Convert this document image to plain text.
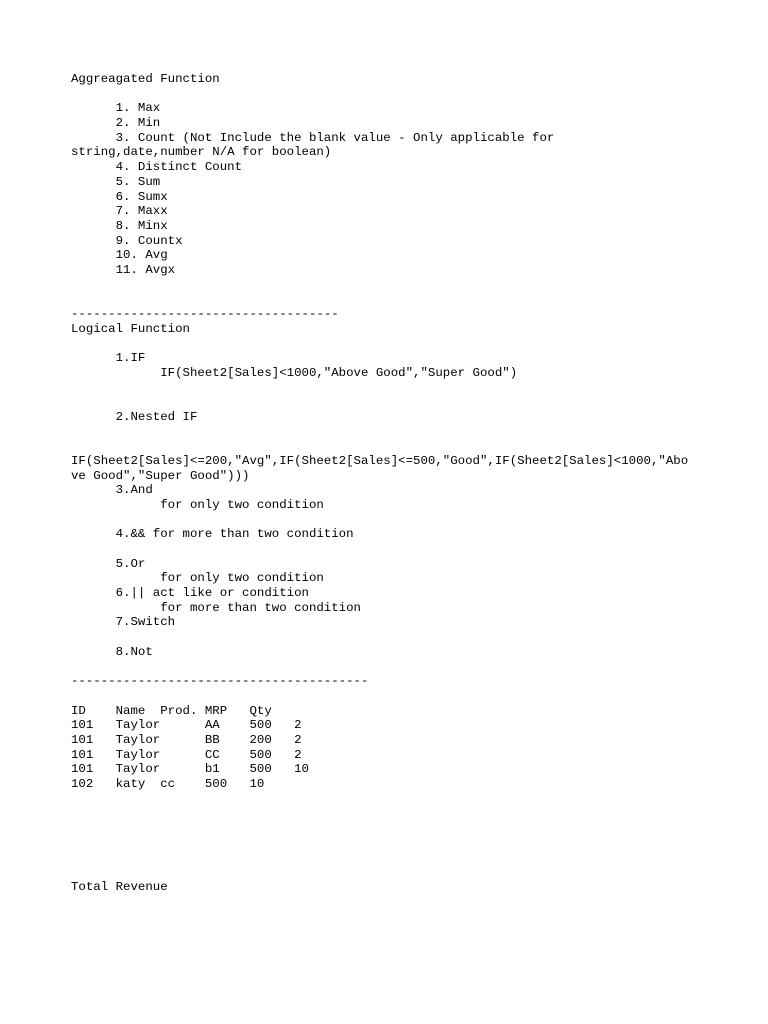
Aggreagated Function
1. Max
2. Min
3. Count (Not Include the blank value - Only applicable for
string,date,number N/A for boolean)
4. Distinct Count
5. Sum
6. Sumx
7. Maxx
8. Minx
9. Countx
10. Avg
11. Avgx
------------------------------------
Logical Function
1.IF
IF(Sheet2[Sales]<1000,"Above Good","Super Good")
2.Nested IF
IF(Sheet2[Sales]<=200,"Avg",IF(Sheet2[Sales]<=500,"Good",IF(Sheet2[Sales]<1000,"Abo
ve Good","Super Good")))
3.And
for only two condition
4.&& for more than two condition
5.Or
for only two condition
6.|| act like or condition
for more than two condition
7.Switch
8.Not
----------------------------------------
ID    Name  Prod. MRP   Qty
101   Taylor      AA    500   2
101   Taylor      BB    200   2
101   Taylor      CC    500   2
101   Taylor      b1    500   10
102   katy  cc    500   10
Total Revenue
